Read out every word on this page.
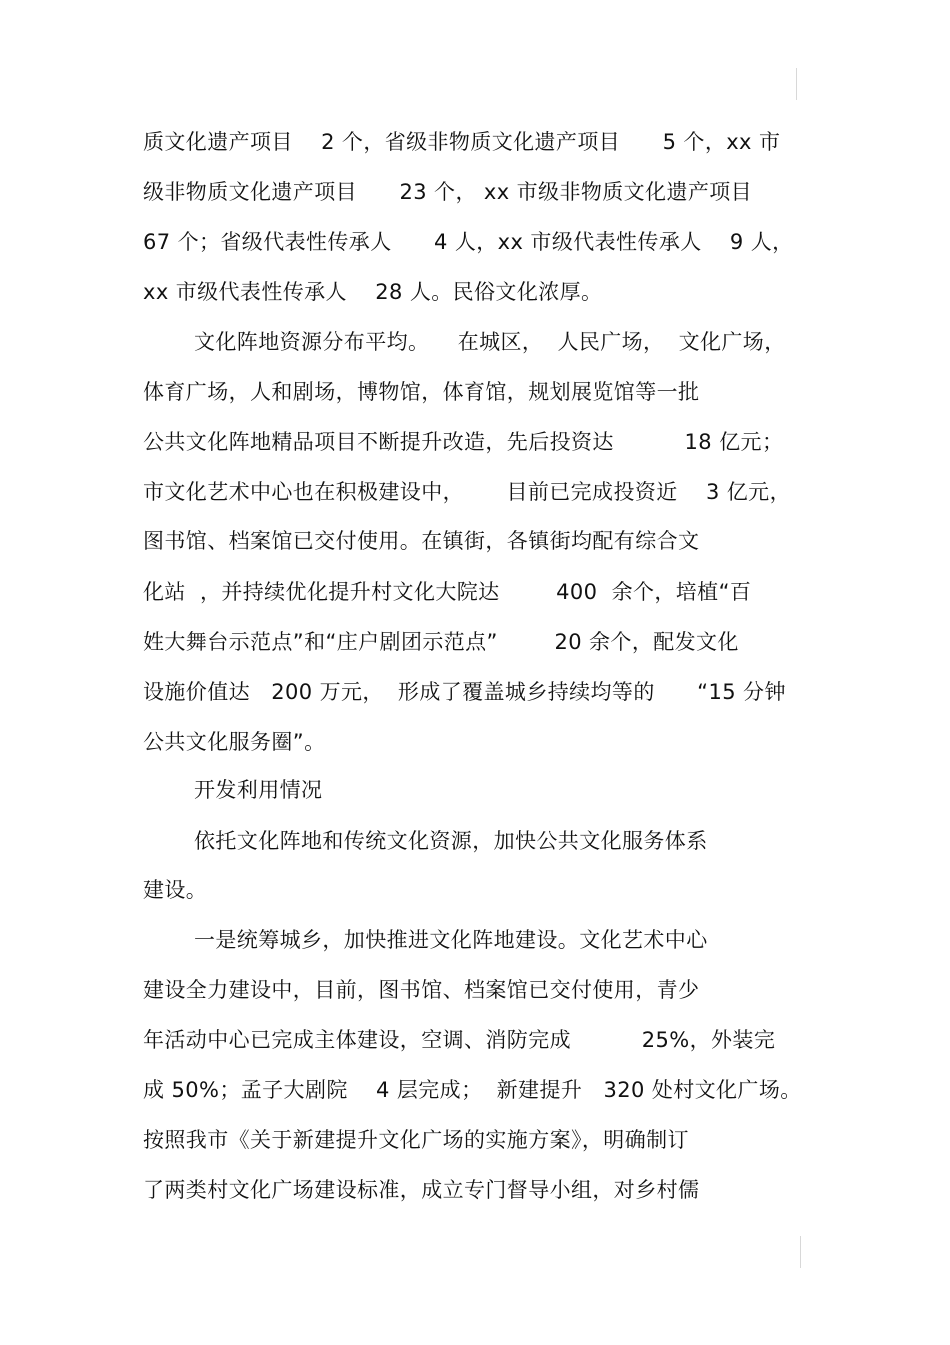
质文化遗产项目    2 个，省级非物质文化遗产项目      5 个，xx 市
级非物质文化遗产项目      23 个， xx 市级非物质文化遗产项目
67 个；省级代表性传承人      4 人，xx 市级代表性传承人    9 人，
xx 市级代表性传承人    28 人。民俗文化浓厚。
文化阵地资源分布平均。    在城区，  人民广场，  文化广场，
体育广场，人和剧场，博物馆，体育馆，规划展览馆等一批
公共文化阵地精品项目不断提升改造，先后投资达          18 亿元；
市文化艺术中心也在积极建设中，      目前已完成投资近    3 亿元，
图书馆、档案馆已交付使用。在镇街，各镇街均配有综合文
化站  ，并持续优化提升村文化大院达        400  余个，培植“百
姓大舞台示范点”和“庄户剧团示范点”        20 余个，配发文化
设施价值达   200 万元，  形成了覆盖城乡持续均等的      “15 分钟
公共文化服务圈”。
开发利用情况
依托文化阵地和传统文化资源，加快公共文化服务体系
建设。
一是统筹城乡，加快推进文化阵地建设。文化艺术中心
建设全力建设中，目前，图书馆、档案馆已交付使用，青少
年活动中心已完成主体建设，空调、消防完成          25%，外装完
成 50%；孟子大剧院    4 层完成；  新建提升   320 处村文化广场。
按照我市《关于新建提升文化广场的实施方案》，明确制订
了两类村文化广场建设标准，成立专门督导小组，对乡村儒
